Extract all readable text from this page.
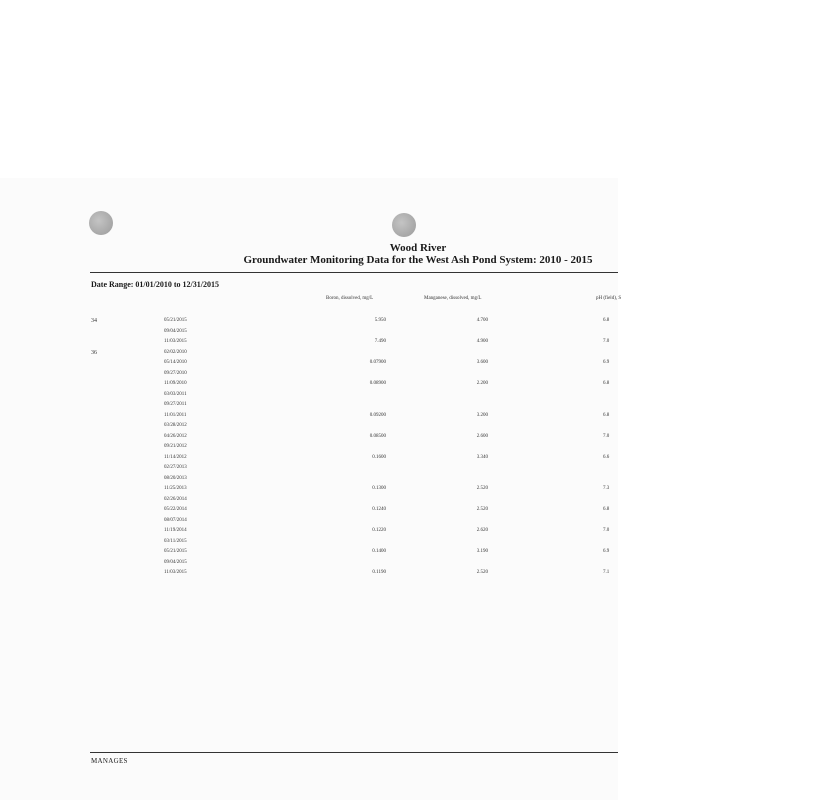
Wood River
Groundwater Monitoring Data for the West Ash Pond System: 2010 - 2015
Date Range: 01/01/2010 to 12/31/2015
Boron, dissolved, mg/L	Manganese, dissolved, mg/L	pH (field), S
34	05/21/2015	5.950	4.700	6.8
09/04/2015
11/03/2015	7.490	4.900	7.0
36	02/02/2010
05/14/2010	0.07900	3.600	6.9
09/27/2010
11/09/2010	0.08900	2.200	6.8
03/03/2011
09/27/2011
11/01/2011	0.09200	3.200	6.8
03/28/2012
04/26/2012	0.08500	2.600	7.0
09/21/2012
11/14/2012	0.1600	3.340	6.6
02/27/2013
08/20/2013
11/25/2013	0.1300	2.520	7.3
02/26/2014
05/22/2014	0.1240	2.520	6.8
08/07/2014
11/19/2014	0.1220	2.620	7.0
03/11/2015
05/21/2015	0.1400	3.190	6.9
09/04/2015
11/03/2015	0.1190	2.520	7.1
MANAGES
